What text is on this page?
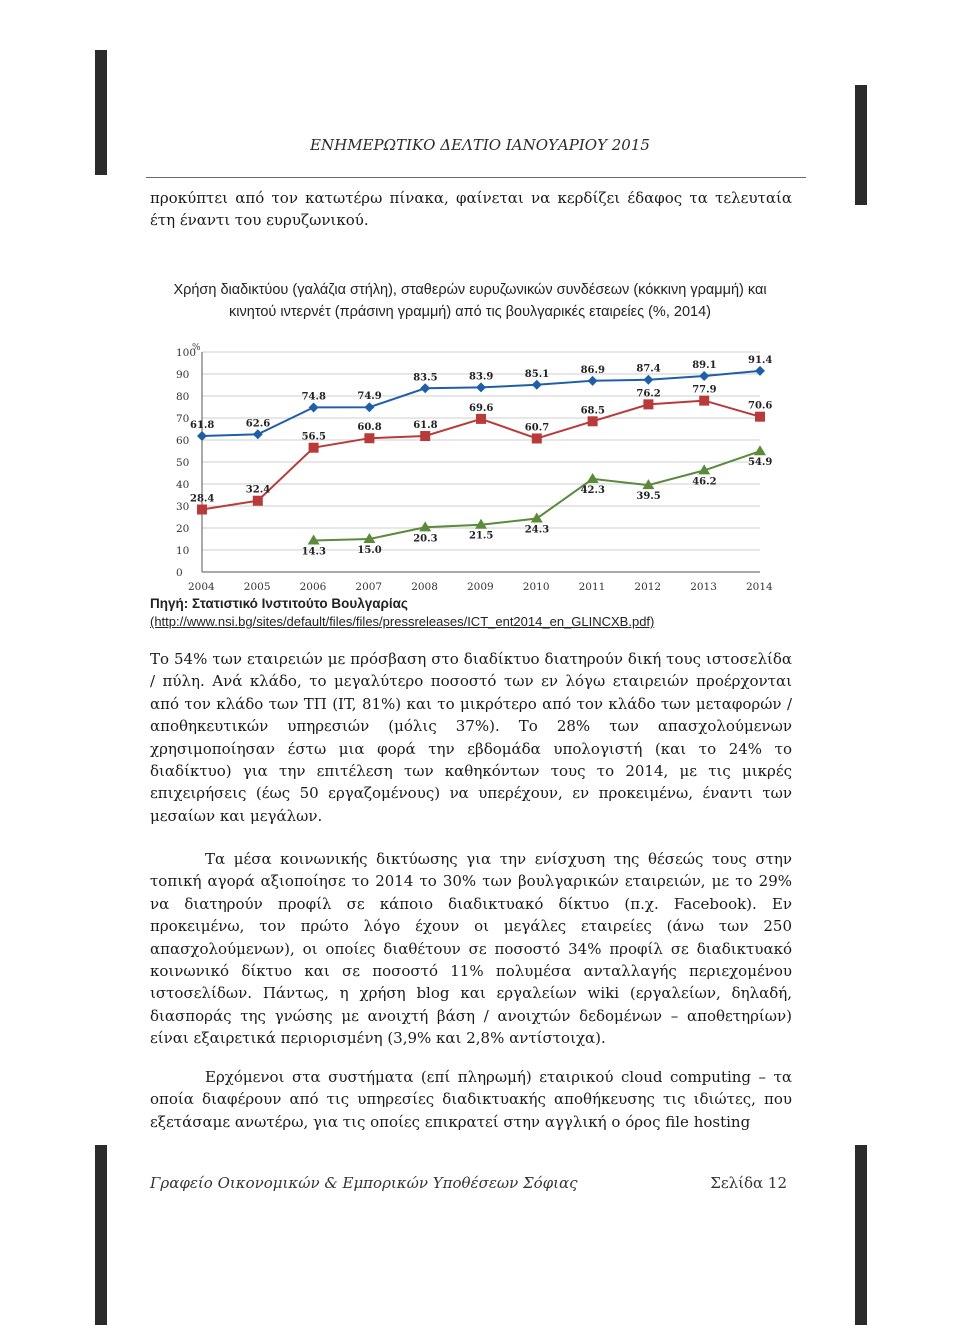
ΕΝΗΜΕΡΩΤΙΚΟ ΔΕΛΤΙΟ ΙΑΝΟΥΑΡΙΟΥ 2015
προκύπτει από τον κατωτέρω πίνακα, φαίνεται να κερδίζει έδαφος τα τελευταία έτη έναντι του ευρυζωνικού.
Χρήση διαδικτύου (γαλάζια στήλη), σταθερών ευρυζωνικών συνδέσεων (κόκκινη γραμμή) και κινητού ιντερνέτ (πράσινη γραμμή) από τις βουλγαρικές εταιρείες (%, 2014)
0
10
20
30
40
50
60
70
80
90
100
%
2004	2005	2006	2007	2008	2009	2010	2011	2012	2013	2014
61.8	62.6
74.8	74.9
83.5	83.9	85.1	86.9	87.4	89.1	91.4
28.4
32.4
56.5
60.8	61.8
69.6
60.7
68.5
76.2	77.9
70.6
14.3	15.0
20.3	21.5
24.3
42.3
39.5
46.2
54.9
Πηγή: Στατιστικό Ινστιτούτο Βουλγαρίας
(http://www.nsi.bg/sites/default/files/files/pressreleases/ICT_ent2014_en_GLINCXB.pdf)
Το 54% των εταιρειών με πρόσβαση στο διαδίκτυο διατηρούν δική τους ιστοσελίδα / πύλη. Ανά κλάδο, το μεγαλύτερο ποσοστό των εν λόγω εταιρειών προέρχονται από τον κλάδο των ΤΠ (IT, 81%) και το μικρότερο από τον κλάδο των μεταφορών / αποθηκευτικών υπηρεσιών (μόλις 37%). Το 28% των απασχολούμενων χρησιμοποίησαν έστω μια φορά την εβδομάδα υπολογιστή (και το 24% το διαδίκτυο) για την επιτέλεση των καθηκόντων τους το 2014, με τις μικρές επιχειρήσεις (έως 50 εργαζομένους) να υπερέχουν, εν προκειμένω, έναντι των μεσαίων και μεγάλων.
Τα μέσα κοινωνικής δικτύωσης για την ενίσχυση της θέσεώς τους στην τοπική αγορά αξιοποίησε το 2014 το 30% των βουλγαρικών εταιρειών, με το 29% να διατηρούν προφίλ σε κάποιο διαδικτυακό δίκτυο (π.χ. Facebook). Εν προκειμένω, τον πρώτο λόγο έχουν οι μεγάλες εταιρείες (άνω των 250 απασχολούμενων), οι οποίες διαθέτουν σε ποσοστό 34% προφίλ σε διαδικτυακό κοινωνικό δίκτυο και σε ποσοστό 11% πολυμέσα ανταλλαγής περιεχομένου ιστοσελίδων. Πάντως, η χρήση blog και εργαλείων wiki (εργαλείων, δηλαδή, διασποράς της γνώσης με ανοιχτή βάση / ανοιχτών δεδομένων – αποθετηρίων) είναι εξαιρετικά περιορισμένη (3,9% και 2,8% αντίστοιχα).
Ερχόμενοι στα συστήματα (επί πληρωμή) εταιρικού cloud computing – τα οποία διαφέρουν από τις υπηρεσίες διαδικτυακής αποθήκευσης τις ιδιώτες, που εξετάσαμε ανωτέρω, για τις οποίες επικρατεί στην αγγλική ο όρος file hosting
Γραφείο Οικονομικών & Εμπορικών Υποθέσεων Σόφιας	Σελίδα 12
